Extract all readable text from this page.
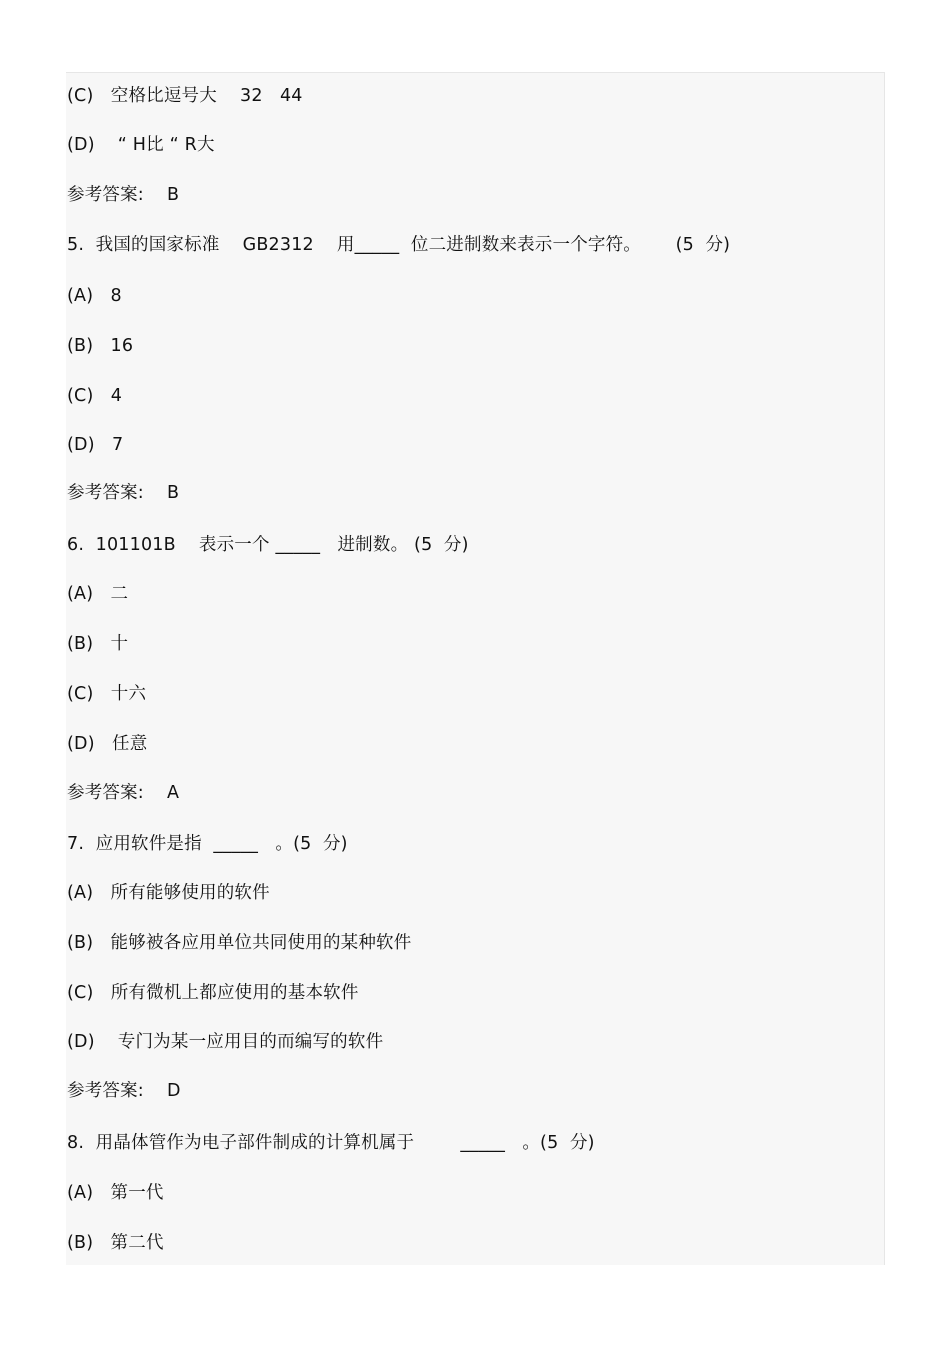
(C)   空格比逗号大    32   44
(D)    “ H比 “ R大
参考答案:    B
5.  我国的国家标准    GB2312    用_____  位二进制数来表示一个字符。      (5  分)
(A)   8
(B)   16
(C)   4
(D)   7
参考答案:    B
6.  101101B    表示一个 _____   进制数。 (5  分)
(A)   二
(B)   十
(C)   十六
(D)   任意
参考答案:    A
7.  应用软件是指  _____   。(5  分)
(A)   所有能够使用的软件
(B)   能够被各应用单位共同使用的某种软件
(C)   所有微机上都应使用的基本软件
(D)    专门为某一应用目的而编写的软件
参考答案:    D
8.  用晶体管作为电子部件制成的计算机属于        _____   。(5  分)
(A)   第一代
(B)   第二代
